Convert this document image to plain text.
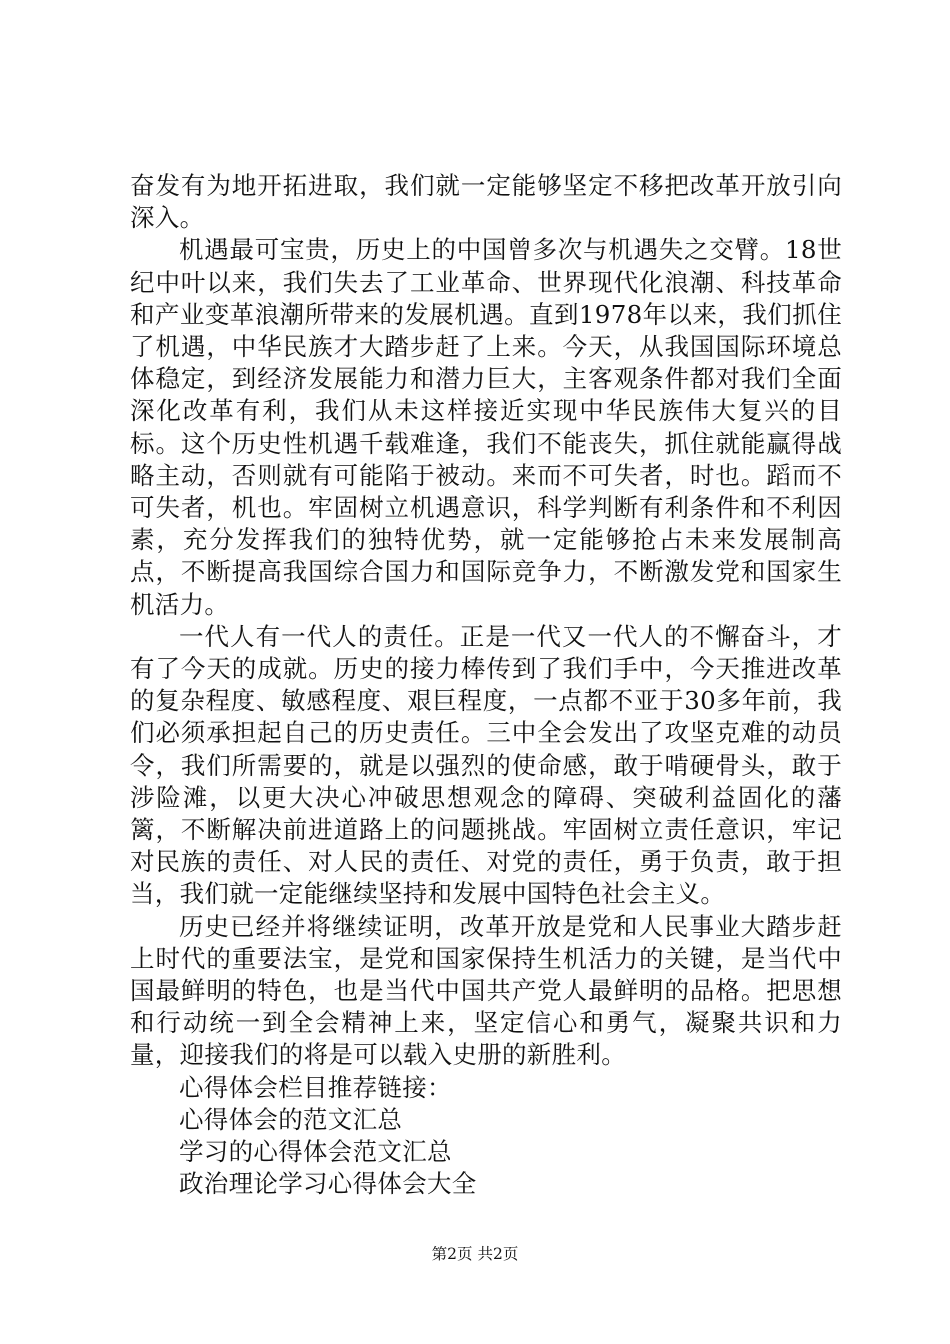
奋发有为地开拓进取，我们就一定能够坚定不移把改革开放引向深入。

机遇最可宝贵，历史上的中国曾多次与机遇失之交臂。18世纪中叶以来，我们失去了工业革命、世界现代化浪潮、科技革命和产业变革浪潮所带来的发展机遇。直到1978年以来，我们抓住了机遇，中华民族才大踏步赶了上来。今天，从我国国际环境总体稳定，到经济发展能力和潜力巨大，主客观条件都对我们全面深化改革有利，我们从未这样接近实现中华民族伟大复兴的目标。这个历史性机遇千载难逢，我们不能丧失，抓住就能赢得战略主动，否则就有可能陷于被动。来而不可失者，时也。蹈而不可失者，机也。牢固树立机遇意识，科学判断有利条件和不利因素，充分发挥我们的独特优势，就一定能够抢占未来发展制高点，不断提高我国综合国力和国际竞争力，不断激发党和国家生机活力。

一代人有一代人的责任。正是一代又一代人的不懈奋斗，才有了今天的成就。历史的接力棒传到了我们手中，今天推进改革的复杂程度、敏感程度、艰巨程度，一点都不亚于30多年前，我们必须承担起自己的历史责任。三中全会发出了攻坚克难的动员令，我们所需要的，就是以强烈的使命感，敢于啃硬骨头，敢于涉险滩，以更大决心冲破思想观念的障碍、突破利益固化的藩篱，不断解决前进道路上的问题挑战。牢固树立责任意识，牢记对民族的责任、对人民的责任、对党的责任，勇于负责，敢于担当，我们就一定能继续坚持和发展中国特色社会主义。

历史已经并将继续证明，改革开放是党和人民事业大踏步赶上时代的重要法宝，是党和国家保持生机活力的关键，是当代中国最鲜明的特色，也是当代中国共产党人最鲜明的品格。把思想和行动统一到全会精神上来，坚定信心和勇气，凝聚共识和力量，迎接我们的将是可以载入史册的新胜利。

心得体会栏目推荐链接：
心得体会的范文汇总
学习的心得体会范文汇总
政治理论学习心得体会大全
第2页 共2页
